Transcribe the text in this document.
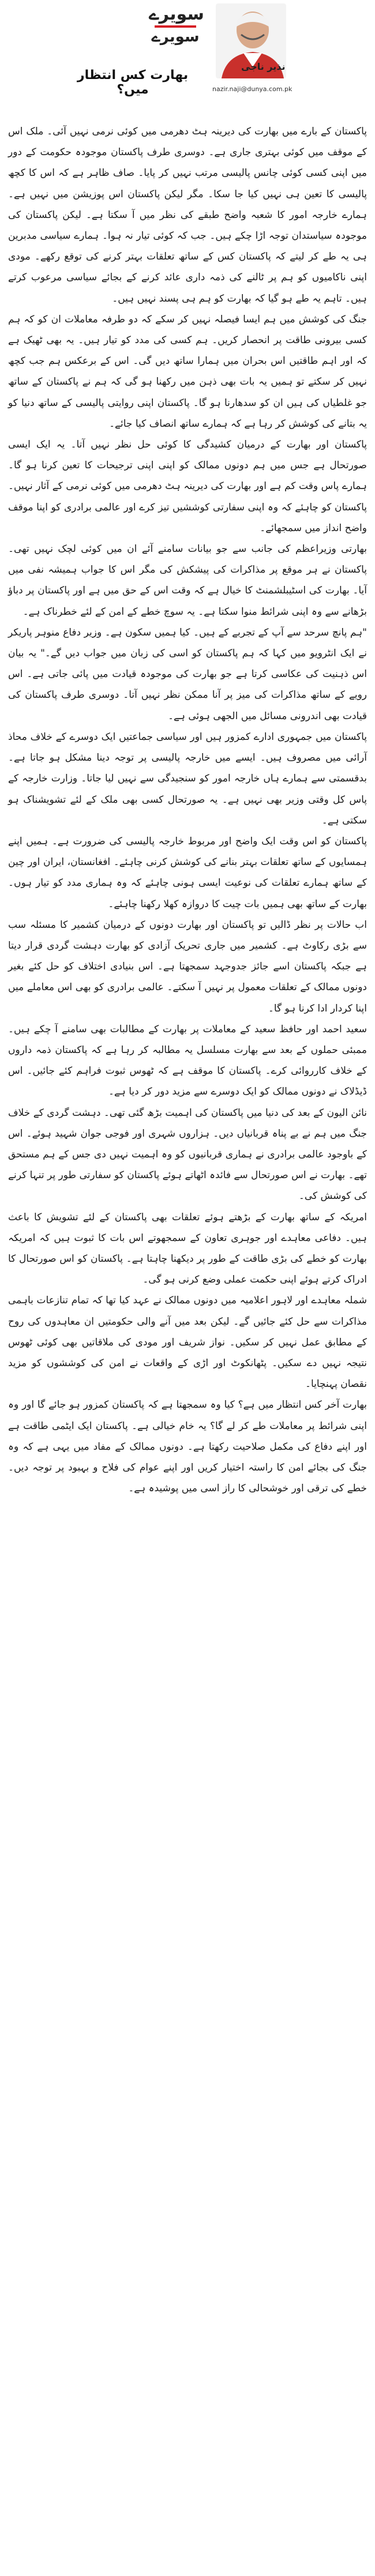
سویرے
سویرے
نذیر ناجی
nazir.naji@dunya.com.pk
بھارت کس انتظار میں؟

پاکستان کے بارے میں بھارت کی دیرینہ ہٹ دھرمی میں کوئی نرمی نہیں آئی۔ ملک اس کے موقف میں کوئی بہتری جاری ہے۔ دوسری طرف پاکستان موجودہ حکومت کے دور میں اپنی کسی کوئی چانس پالیسی مرتب نہیں کر پایا۔ صاف ظاہر ہے کہ اس کا کچھ پالیسی کا تعین ہی نہیں کیا جا سکا۔ مگر لیکن پاکستان اس پوزیشن میں نہیں ہے۔ ہمارے خارجہ امور کا شعبہ واضح طبقے کی نظر میں آ سکتا ہے۔ لیکن پاکستان کی موجودہ سیاستدان توجہ اڑا چکے ہیں۔ جب کہ کوئی تیار نہ ہوا۔ ہمارے سیاسی مدبرین ہی یہ طے کر لیتے کہ پاکستان کس کے ساتھ تعلقات بہتر کرنے کی توقع رکھے۔ مودی اپنی ناکامیوں کو ہم پر ٹالنے کی ذمہ داری عائد کرنے کے بجائے سیاسی مرعوب کرتے ہیں۔ تاہم یہ طے ہو گیا کہ بھارت کو ہم ہی پسند نہیں ہیں۔

جنگ کی کوشش میں ہم ایسا فیصلہ نہیں کر سکے کہ دو طرفہ معاملات ان کو کہ ہم کسی بیرونی طاقت پر انحصار کریں۔ ہم کسی کی مدد کو تیار ہیں۔ یہ بھی ٹھیک ہے کہ اور اہم طاقتیں اس بحران میں ہمارا ساتھ دیں گی۔ اس کے برعکس ہم جب کچھ نہیں کر سکتے تو ہمیں یہ بات بھی ذہن میں رکھنا ہو گی کہ ہم نے پاکستان کے ساتھ جو غلطیاں کی ہیں ان کو سدھارنا ہو گا۔ پاکستان اپنی روایتی پالیسی کے ساتھ دنیا کو یہ بتانے کی کوشش کر رہا ہے کہ ہمارے ساتھ انصاف کیا جائے۔

پاکستان اور بھارت کے درمیان کشیدگی کا کوئی حل نظر نہیں آتا۔ یہ ایک ایسی صورتحال ہے جس میں ہم دونوں ممالک کو اپنی اپنی ترجیحات کا تعین کرنا ہو گا۔ ہمارے پاس وقت کم ہے اور بھارت کی دیرینہ ہٹ دھرمی میں کوئی نرمی کے آثار نہیں۔ پاکستان کو چاہئے کہ وہ اپنی سفارتی کوششیں تیز کرے اور عالمی برادری کو اپنا موقف واضح انداز میں سمجھائے۔

بھارتی وزیراعظم کی جانب سے جو بیانات سامنے آئے ان میں کوئی لچک نہیں تھی۔ پاکستان نے ہر موقع پر مذاکرات کی پیشکش کی مگر اس کا جواب ہمیشہ نفی میں آیا۔ بھارت کی اسٹیبلشمنٹ کا خیال ہے کہ وقت اس کے حق میں ہے اور پاکستان پر دباؤ بڑھانے سے وہ اپنی شرائط منوا سکتا ہے۔ یہ سوچ خطے کے امن کے لئے خطرناک ہے۔

"ہم پانچ سرحد سے آپ کے تجربے کے ہیں۔ کیا ہمیں سکون ہے۔ وزیر دفاع منوہر پاریکر نے ایک انٹرویو میں کہا کہ ہم پاکستان کو اسی کی زبان میں جواب دیں گے۔" یہ بیان اس ذہنیت کی عکاسی کرتا ہے جو بھارت کی موجودہ قیادت میں پائی جاتی ہے۔ اس رویے کے ساتھ مذاکرات کی میز پر آنا ممکن نظر نہیں آتا۔ دوسری طرف پاکستان کی قیادت بھی اندرونی مسائل میں الجھی ہوئی ہے۔

پاکستان میں جمہوری ادارے کمزور ہیں اور سیاسی جماعتیں ایک دوسرے کے خلاف محاذ آرائی میں مصروف ہیں۔ ایسے میں خارجہ پالیسی پر توجہ دینا مشکل ہو جاتا ہے۔ بدقسمتی سے ہمارے ہاں خارجہ امور کو سنجیدگی سے نہیں لیا جاتا۔ وزارت خارجہ کے پاس کل وقتی وزیر بھی نہیں ہے۔ یہ صورتحال کسی بھی ملک کے لئے تشویشناک ہو سکتی ہے۔

پاکستان کو اس وقت ایک واضح اور مربوط خارجہ پالیسی کی ضرورت ہے۔ ہمیں اپنے ہمسایوں کے ساتھ تعلقات بہتر بنانے کی کوشش کرنی چاہئے۔ افغانستان، ایران اور چین کے ساتھ ہمارے تعلقات کی نوعیت ایسی ہونی چاہئے کہ وہ ہماری مدد کو تیار ہوں۔ بھارت کے ساتھ بھی ہمیں بات چیت کا دروازہ کھلا رکھنا چاہئے۔

اب حالات پر نظر ڈالیں تو پاکستان اور بھارت دونوں کے درمیان کشمیر کا مسئلہ سب سے بڑی رکاوٹ ہے۔ کشمیر میں جاری تحریک آزادی کو بھارت دہشت گردی قرار دیتا ہے جبکہ پاکستان اسے جائز جدوجہد سمجھتا ہے۔ اس بنیادی اختلاف کو حل کئے بغیر دونوں ممالک کے تعلقات معمول پر نہیں آ سکتے۔ عالمی برادری کو بھی اس معاملے میں اپنا کردار ادا کرنا ہو گا۔

سعید احمد اور حافظ سعید کے معاملات پر بھارت کے مطالبات بھی سامنے آ چکے ہیں۔ ممبئی حملوں کے بعد سے بھارت مسلسل یہ مطالبہ کر رہا ہے کہ پاکستان ذمہ داروں کے خلاف کارروائی کرے۔ پاکستان کا موقف ہے کہ ٹھوس ثبوت فراہم کئے جائیں۔ اس ڈیڈلاک نے دونوں ممالک کو ایک دوسرے سے مزید دور کر دیا ہے۔

نائن الیون کے بعد کی دنیا میں پاکستان کی اہمیت بڑھ گئی تھی۔ دہشت گردی کے خلاف جنگ میں ہم نے بے پناہ قربانیاں دیں۔ ہزاروں شہری اور فوجی جوان شہید ہوئے۔ اس کے باوجود عالمی برادری نے ہماری قربانیوں کو وہ اہمیت نہیں دی جس کے ہم مستحق تھے۔ بھارت نے اس صورتحال سے فائدہ اٹھاتے ہوئے پاکستان کو سفارتی طور پر تنہا کرنے کی کوشش کی۔

امریکہ کے ساتھ بھارت کے بڑھتے ہوئے تعلقات بھی پاکستان کے لئے تشویش کا باعث ہیں۔ دفاعی معاہدے اور جوہری تعاون کے سمجھوتے اس بات کا ثبوت ہیں کہ امریکہ بھارت کو خطے کی بڑی طاقت کے طور پر دیکھنا چاہتا ہے۔ پاکستان کو اس صورتحال کا ادراک کرتے ہوئے اپنی حکمت عملی وضع کرنی ہو گی۔

شملہ معاہدے اور لاہور اعلامیہ میں دونوں ممالک نے عہد کیا تھا کہ تمام تنازعات باہمی مذاکرات سے حل کئے جائیں گے۔ لیکن بعد میں آنے والی حکومتیں ان معاہدوں کی روح کے مطابق عمل نہیں کر سکیں۔ نواز شریف اور مودی کی ملاقاتیں بھی کوئی ٹھوس نتیجہ نہیں دے سکیں۔ پٹھانکوٹ اور اڑی کے واقعات نے امن کی کوششوں کو مزید نقصان پہنچایا۔

بھارت آخر کس انتظار میں ہے؟ کیا وہ سمجھتا ہے کہ پاکستان کمزور ہو جائے گا اور وہ اپنی شرائط پر معاملات طے کر لے گا؟ یہ خام خیالی ہے۔ پاکستان ایک ایٹمی طاقت ہے اور اپنے دفاع کی مکمل صلاحیت رکھتا ہے۔ دونوں ممالک کے مفاد میں یہی ہے کہ وہ جنگ کی بجائے امن کا راستہ اختیار کریں اور اپنے عوام کی فلاح و بہبود پر توجہ دیں۔ خطے کی ترقی اور خوشحالی کا راز اسی میں پوشیدہ ہے۔
